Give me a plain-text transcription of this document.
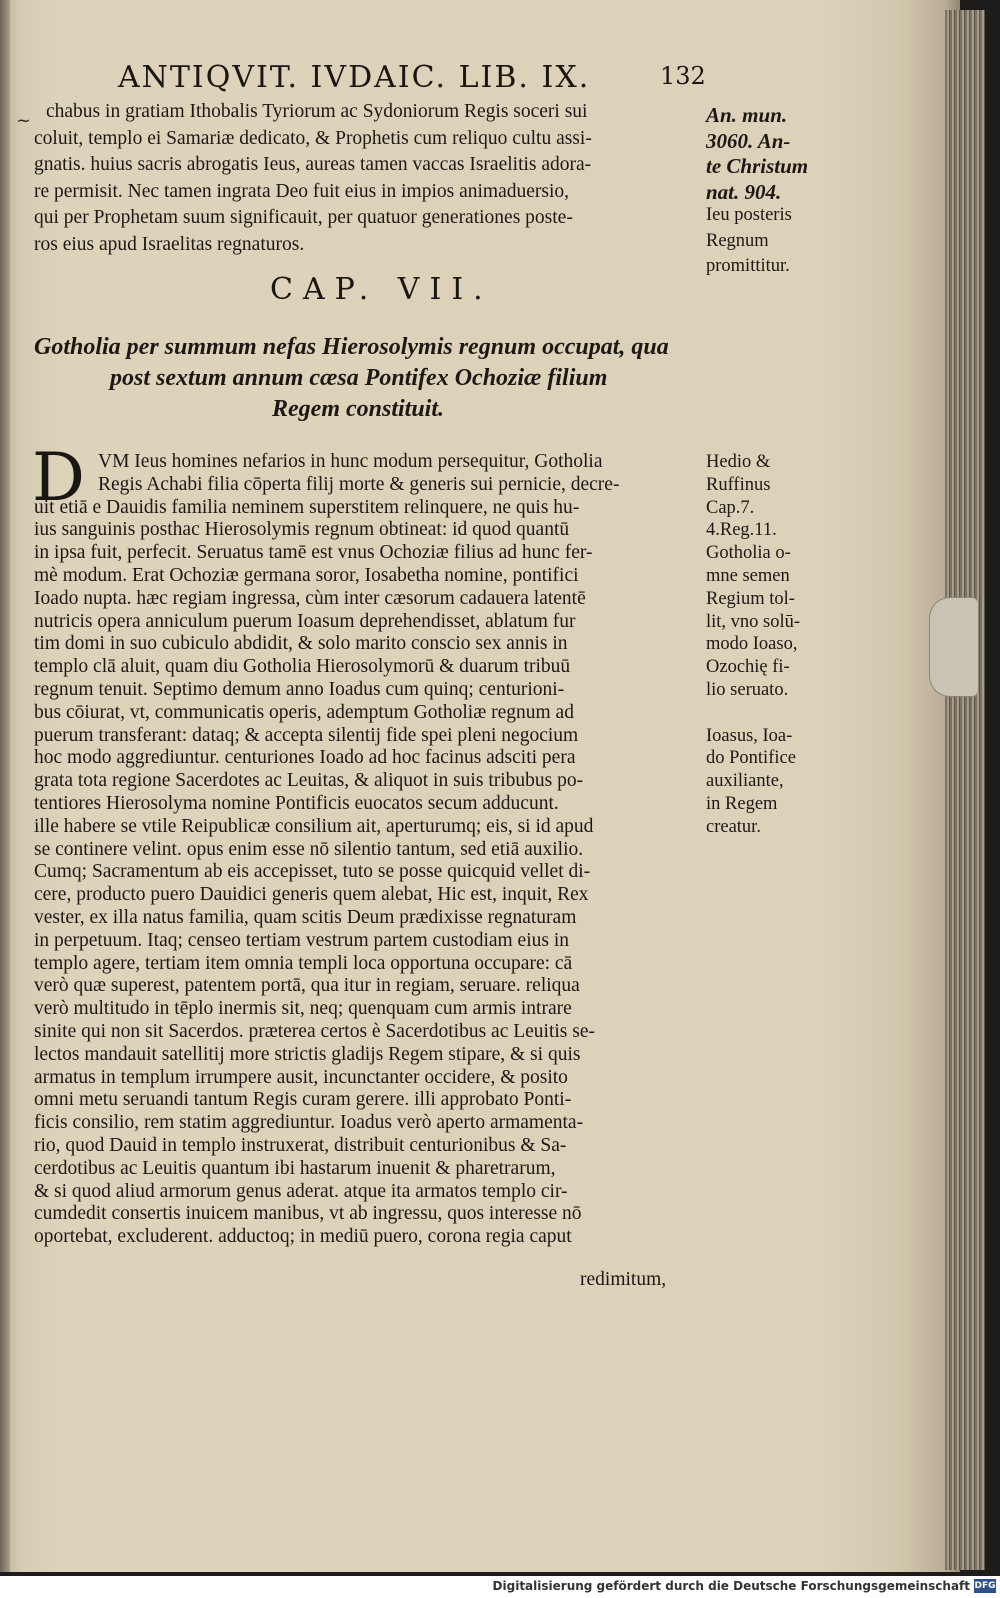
ANTIQVIT. IVDAIC. LIB. IX.	132
chabus in gratiam Ithobalis Tyriorum ac Sydoniorum Regis soceri sui
coluit, templo ei Samariæ dedicato, & Prophetis cum reliquo cultu assi-
gnatis. huius sacris abrogatis Ieus, aureas tamen vaccas Israelitis adora-
re permisit. Nec tamen ingrata Deo fuit eius in impios animaduersio,
qui per Prophetam suum significauit, per quatuor generationes poste-
ros eius apud Israelitas regnaturos.
An. mun.
3060. An-
te Christum
nat. 904.
Ieu posteris
Regnum
promittitur.
CAP. VII.
Gotholia per summum nefas Hierosolymis regnum occupat, qua
post sextum annum cæsa Pontifex Ochoziæ filium
Regem constituit.
D VM Ieus homines nefarios in hunc modum persequitur, Gotholia
Regis Achabi filia cōperta filij morte & generis sui pernicie, decre-
uit etiā e Dauidis familia neminem superstitem relinquere, ne quis hu-
ius sanguinis posthac Hierosolymis regnum obtineat: id quod quantū
in ipsa fuit, perfecit. Seruatus tamē est vnus Ochoziæ filius ad hunc fer-
mè modum. Erat Ochoziæ germana soror, Iosabetha nomine, pontifici
Ioado nupta. hæc regiam ingressa, cùm inter cæsorum cadauera latentē
nutricis opera anniculum puerum Ioasum deprehendisset, ablatum fur
tim domi in suo cubiculo abdidit, & solo marito conscio sex annis in
templo clā aluit, quam diu Gotholia Hierosolymorū & duarum tribuū
regnum tenuit. Septimo demum anno Ioadus cum quinq; centurioni-
bus cōiurat, vt, communicatis operis, ademptum Gotholiæ regnum ad
puerum transferant: dataq; & accepta silentij fide spei pleni negocium
hoc modo aggrediuntur. centuriones Ioado ad hoc facinus adsciti pera
grata tota regione Sacerdotes ac Leuitas, & aliquot in suis tribubus po-
tentiores Hierosolyma nomine Pontificis euocatos secum adducunt.
ille habere se vtile Reipublicæ consilium ait, aperturumq; eis, si id apud
se continere velint. opus enim esse nō silentio tantum, sed etiā auxilio.
Cumq; Sacramentum ab eis accepisset, tuto se posse quicquid vellet di-
cere, producto puero Dauidici generis quem alebat, Hic est, inquit, Rex
vester, ex illa natus familia, quam scitis Deum prædixisse regnaturam
in perpetuum. Itaq; censeo tertiam vestrum partem custodiam eius in
templo agere, tertiam item omnia templi loca opportuna occupare: cā
verò quæ superest, patentem portā, qua itur in regiam, seruare. reliqua
verò multitudo in tēplo inermis sit, neq; quenquam cum armis intrare
sinite qui non sit Sacerdos. præterea certos è Sacerdotibus ac Leuitis se-
lectos mandauit satellitij more strictis gladijs Regem stipare, & si quis
armatus in templum irrumpere ausit, incunctanter occidere, & posito
omni metu seruandi tantum Regis curam gerere. illi approbato Ponti-
ficis consilio, rem statim aggrediuntur. Ioadus verò aperto armamenta-
rio, quod Dauid in templo instruxerat, distribuit centurionibus & Sa-
cerdotibus ac Leuitis quantum ibi hastarum inuenit & pharetrarum,
& si quod aliud armorum genus aderat. atque ita armatos templo cir-
cumdedit consertis inuicem manibus, vt ab ingressu, quos interesse nō
oportebat, excluderent. adductoq; in mediū puero, corona regia caput
redimitum,
Hedio &
Ruffinus
Cap.7.
4.Reg.11.
Gotholia o-
mne semen
Regium tol-
lit, vno solū-
modo Ioaso,
Ozochię fi-
lio seruato.
Ioasus, Ioa-
do Pontifice
auxiliante,
in Regem
creatur.
~
Digitalisierung gefördert durch die Deutsche Forschungsgemeinschaft DFG
